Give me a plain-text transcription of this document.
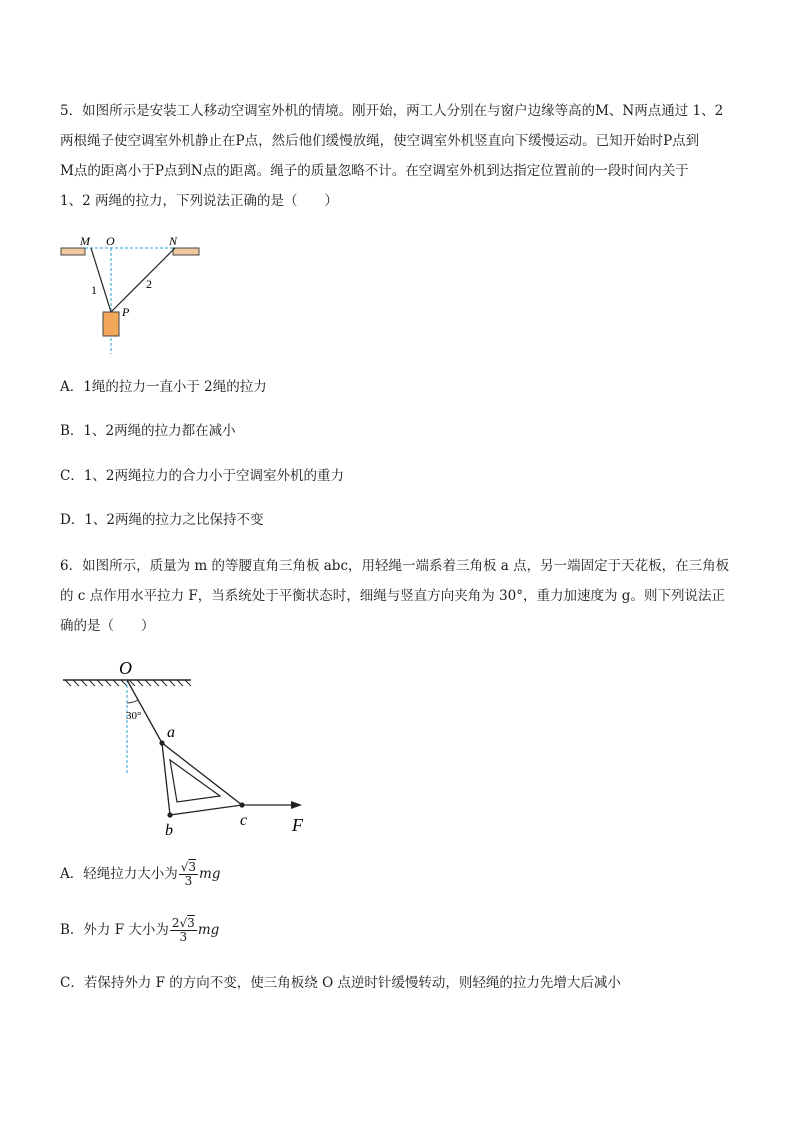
5．如图所示是安装工人移动空调室外机的情境。刚开始，两工人分别在与窗户边缘等高的M、N两点通过 1、2
两根绳子使空调室外机静止在P点，然后他们缓慢放绳，使空调室外机竖直向下缓慢运动。已知开始时P点到
M点的距离小于P点到N点的距离。绳子的质量忽略不计。在空调室外机到达指定位置前的一段时间内关于
1、2 两绳的拉力，下列说法正确的是（　　）
M O	N
1	2
P
A．1绳的拉力一直小于 2绳的拉力
B．1、2两绳的拉力都在减小
C．1、2两绳拉力的合力小于空调室外机的重力
D．1、2两绳的拉力之比保持不变
6．如图所示，质量为 m 的等腰直角三角板 abc，用轻绳一端系着三角板 a 点，另一端固定于天花板，在三角板
的 c 点作用水平拉力 F，当系统处于平衡状态时，细绳与竖直方向夹角为 30°，重力加速度为 g。则下列说法正
确的是（　　）
O
30°
a
b
c F
A．轻绳拉力大小为 $\frac{√3}{3}$ mg
B．外力 F 大小为 $\frac{2√3}{3}$ mg
C．若保持外力 F 的方向不变，使三角板绕 O 点逆时针缓慢转动，则轻绳的拉力先增大后减小
